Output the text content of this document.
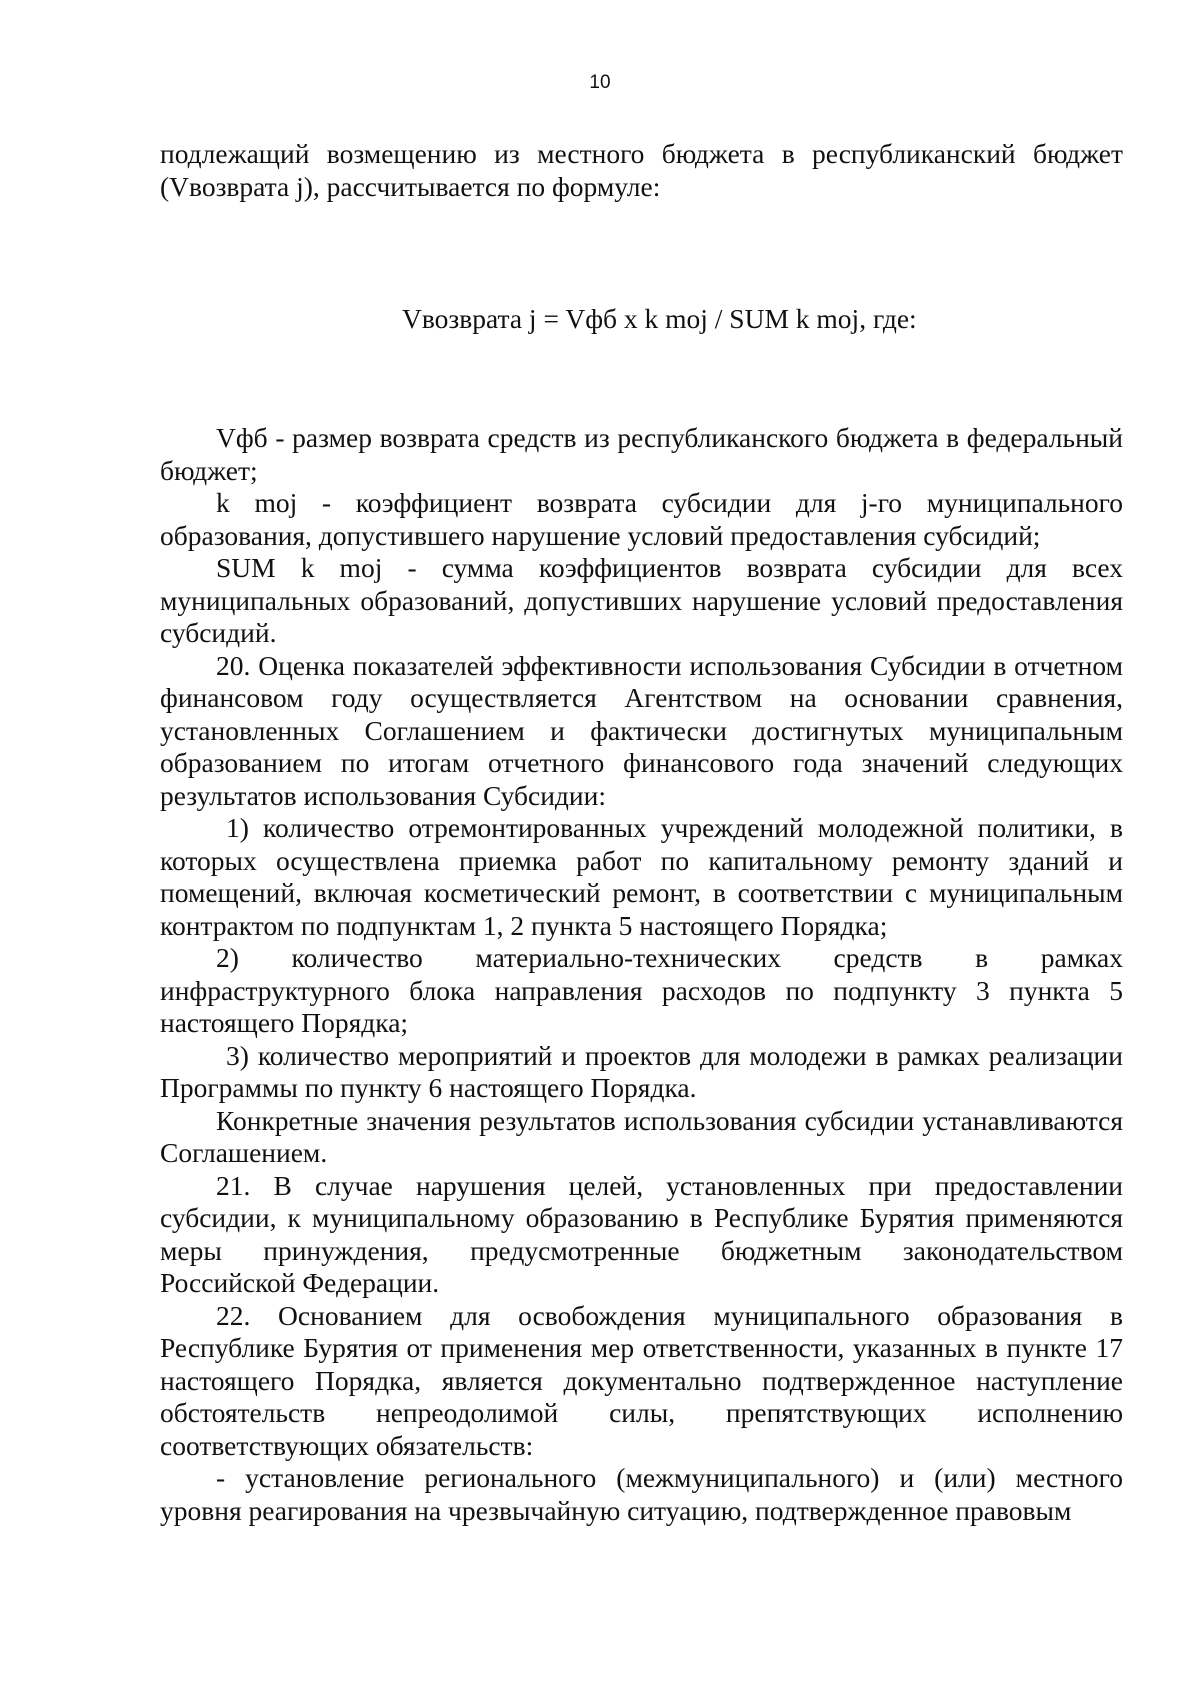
10

подлежащий возмещению из местного бюджета в республиканский бюджет (Vвозврата j), рассчитывается по формуле:

Vвозврата j = Vфб x k moj / SUM k moj, где:

Vфб - размер возврата средств из республиканского бюджета в федеральный бюджет;

k moj - коэффициент возврата субсидии для j-го муниципального образования, допустившего нарушение условий предоставления субсидий;

SUM k moj - сумма коэффициентов возврата субсидии для всех муниципальных образований, допустивших нарушение условий предоставления субсидий.

20. Оценка показателей эффективности использования Субсидии в отчетном финансовом году осуществляется Агентством на основании сравнения, установленных Соглашением и фактически достигнутых муниципальным образованием по итогам отчетного финансового года значений следующих результатов использования Субсидии:

1) количество отремонтированных учреждений молодежной политики, в которых осуществлена приемка работ по капитальному ремонту зданий и помещений, включая косметический ремонт, в соответствии с муниципальным контрактом по подпунктам 1, 2 пункта 5 настоящего Порядка;

2) количество материально-технических средств в рамках инфраструктурного блока направления расходов по подпункту 3 пункта 5 настоящего Порядка;

3) количество мероприятий и проектов для молодежи в рамках реализации Программы по пункту 6 настоящего Порядка.

Конкретные значения результатов использования субсидии устанавливаются Соглашением.

21. В случае нарушения целей, установленных при предоставлении субсидии, к муниципальному образованию в Республике Бурятия применяются меры принуждения, предусмотренные бюджетным законодательством Российской Федерации.

22. Основанием для освобождения муниципального образования в Республике Бурятия от применения мер ответственности, указанных в пункте 17 настоящего Порядка, является документально подтвержденное наступление обстоятельств непреодолимой силы, препятствующих исполнению соответствующих обязательств:

- установление регионального (межмуниципального) и (или) местного уровня реагирования на чрезвычайную ситуацию, подтвержденное правовым
